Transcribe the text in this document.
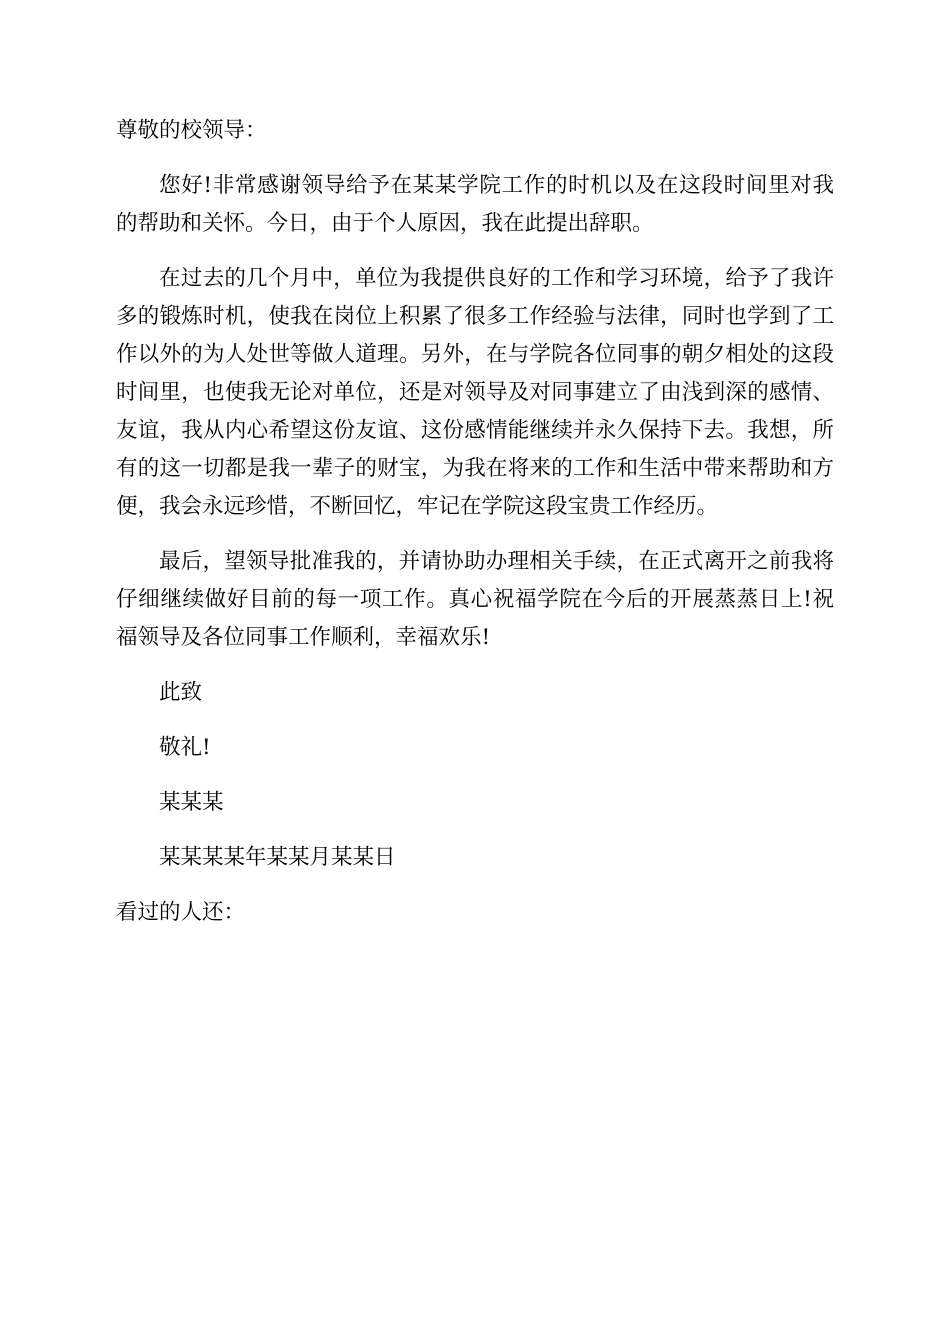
尊敬的校领导：

您好!非常感谢领导给予在某某学院工作的时机以及在这段时间里对我的帮助和关怀。今日，由于个人原因，我在此提出辞职。

在过去的几个月中，单位为我提供良好的工作和学习环境，给予了我许多的锻炼时机，使我在岗位上积累了很多工作经验与法律，同时也学到了工作以外的为人处世等做人道理。另外，在与学院各位同事的朝夕相处的这段时间里，也使我无论对单位，还是对领导及对同事建立了由浅到深的感情、友谊，我从内心希望这份友谊、这份感情能继续并永久保持下去。我想，所有的这一切都是我一辈子的财宝，为我在将来的工作和生活中带来帮助和方便，我会永远珍惜，不断回忆，牢记在学院这段宝贵工作经历。

最后，望领导批准我的，并请协助办理相关手续，在正式离开之前我将仔细继续做好目前的每一项工作。真心祝福学院在今后的开展蒸蒸日上!祝福领导及各位同事工作顺利，幸福欢乐!

此致

敬礼!

某某某

某某某某年某某月某某日

看过的人还：
